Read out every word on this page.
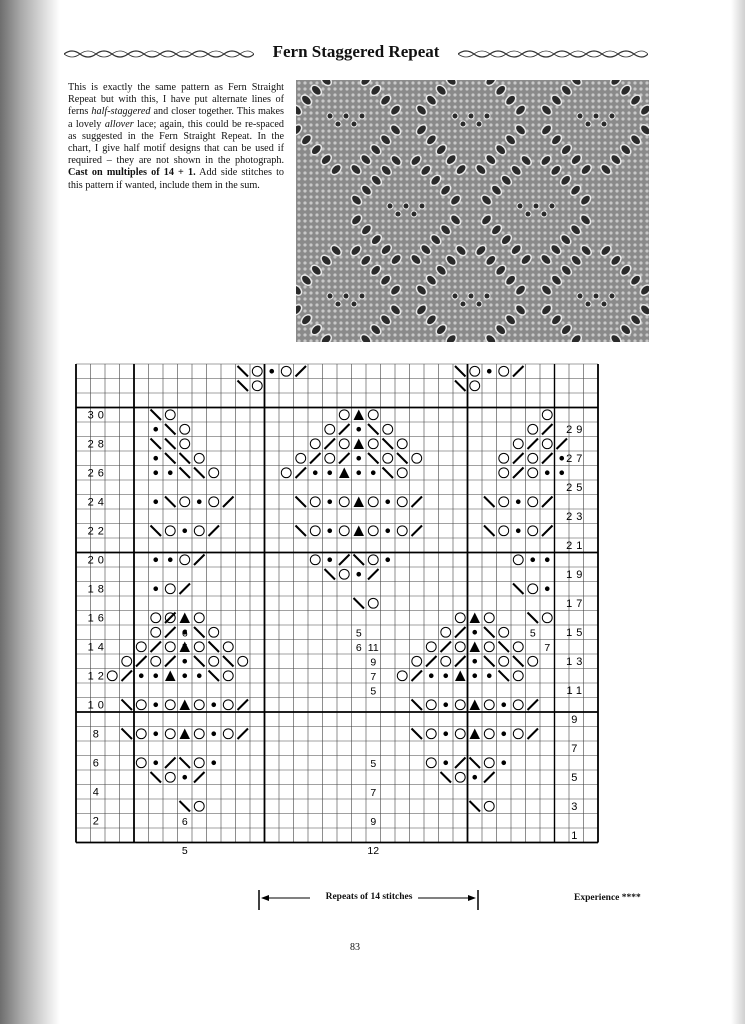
Fern Staggered Repeat
This is exactly the same pattern as Fern Straight Repeat but with this, I have put alternate lines of ferns half-staggered and closer together. This makes a lovely allover lace; again, this could be re-spaced as suggested in the Fern Straight Repeat. In the chart, I give half motif designs that can be used if required – they are not shown in the photograph. Cast on multiples of 14 + 1. Add side stitches to this pattern if wanted, include them in the sum.
30
28
26
24
22
20
18
16
14
12
10
8
6
4
2
29
27
25
23
21
19
17
15
13
11
9
7
5
3
1
6
5
5
6 11
9
7
5
5
7
9
12
6
5
5
7
Repeats of 14 stitches	Experience ****
83
